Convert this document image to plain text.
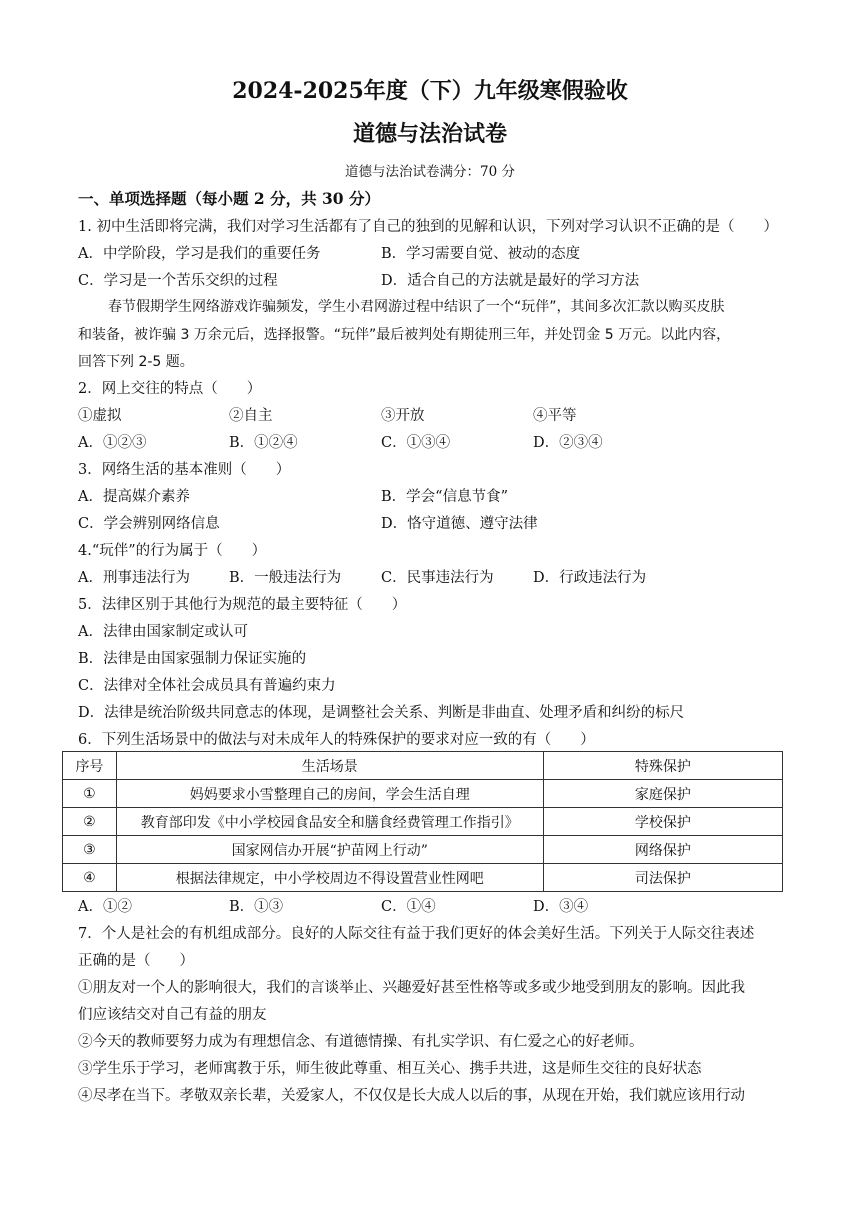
2024-2025年度（下）九年级寒假验收
道德与法治试卷
道德与法治试卷满分：70 分
一、单项选择题（每小题 2 分，共 30 分）
1. 初中生活即将完满，我们对学习生活都有了自己的独到的见解和认识，下列对学习认识不正确的是（　　）
A．中学阶段，学习是我们的重要任务	B．学习需要自觉、被动的态度
C．学习是一个苦乐交织的过程	D．适合自己的方法就是最好的学习方法
春节假期学生网络游戏诈骗频发，学生小君网游过程中结识了一个“玩伴”，其间多次汇款以购买皮肤
和装备，被诈骗 3 万余元后，选择报警。“玩伴”最后被判处有期徒刑三年，并处罚金 5 万元。以此内容，
回答下列 2-5 题。
2．网上交往的特点（　　）
①虚拟	②自主	③开放	④平等
A．①②③	B．①②④	C．①③④	D．②③④
3．网络生活的基本准则（　　）
A．提高媒介素养	B．学会“信息节食”
C．学会辨别网络信息	D．恪守道德、遵守法律
4.“玩伴”的行为属于（　　）
A．刑事违法行为	B．一般违法行为	C．民事违法行为	D．行政违法行为
5．法律区别于其他行为规范的最主要特征（　　）
A．法律由国家制定或认可
B．法律是由国家强制力保证实施的
C．法律对全体社会成员具有普遍约束力
D．法律是统治阶级共同意志的体现，是调整社会关系、判断是非曲直、处理矛盾和纠纷的标尺
6．下列生活场景中的做法与对未成年人的特殊保护的要求对应一致的有（　　）
序号	生活场景	特殊保护
①	妈妈要求小雪整理自己的房间，学会生活自理	家庭保护
②	教育部印发《中小学校园食品安全和膳食经费管理工作指引》	学校保护
③	国家网信办开展“护苗网上行动”	网络保护
④	根据法律规定，中小学校周边不得设置营业性网吧	司法保护
A．①②	B．①③	C．①④	D．③④
7．个人是社会的有机组成部分。良好的人际交往有益于我们更好的体会美好生活。下列关于人际交往表述
正确的是（　　）
①朋友对一个人的影响很大，我们的言谈举止、兴趣爱好甚至性格等或多或少地受到朋友的影响。因此我
们应该结交对自己有益的朋友
②今天的教师要努力成为有理想信念、有道德情操、有扎实学识、有仁爱之心的好老师。
③学生乐于学习，老师寓教于乐，师生彼此尊重、相互关心、携手共进，这是师生交往的良好状态
④尽孝在当下。孝敬双亲长辈，关爱家人，不仅仅是长大成人以后的事，从现在开始，我们就应该用行动
